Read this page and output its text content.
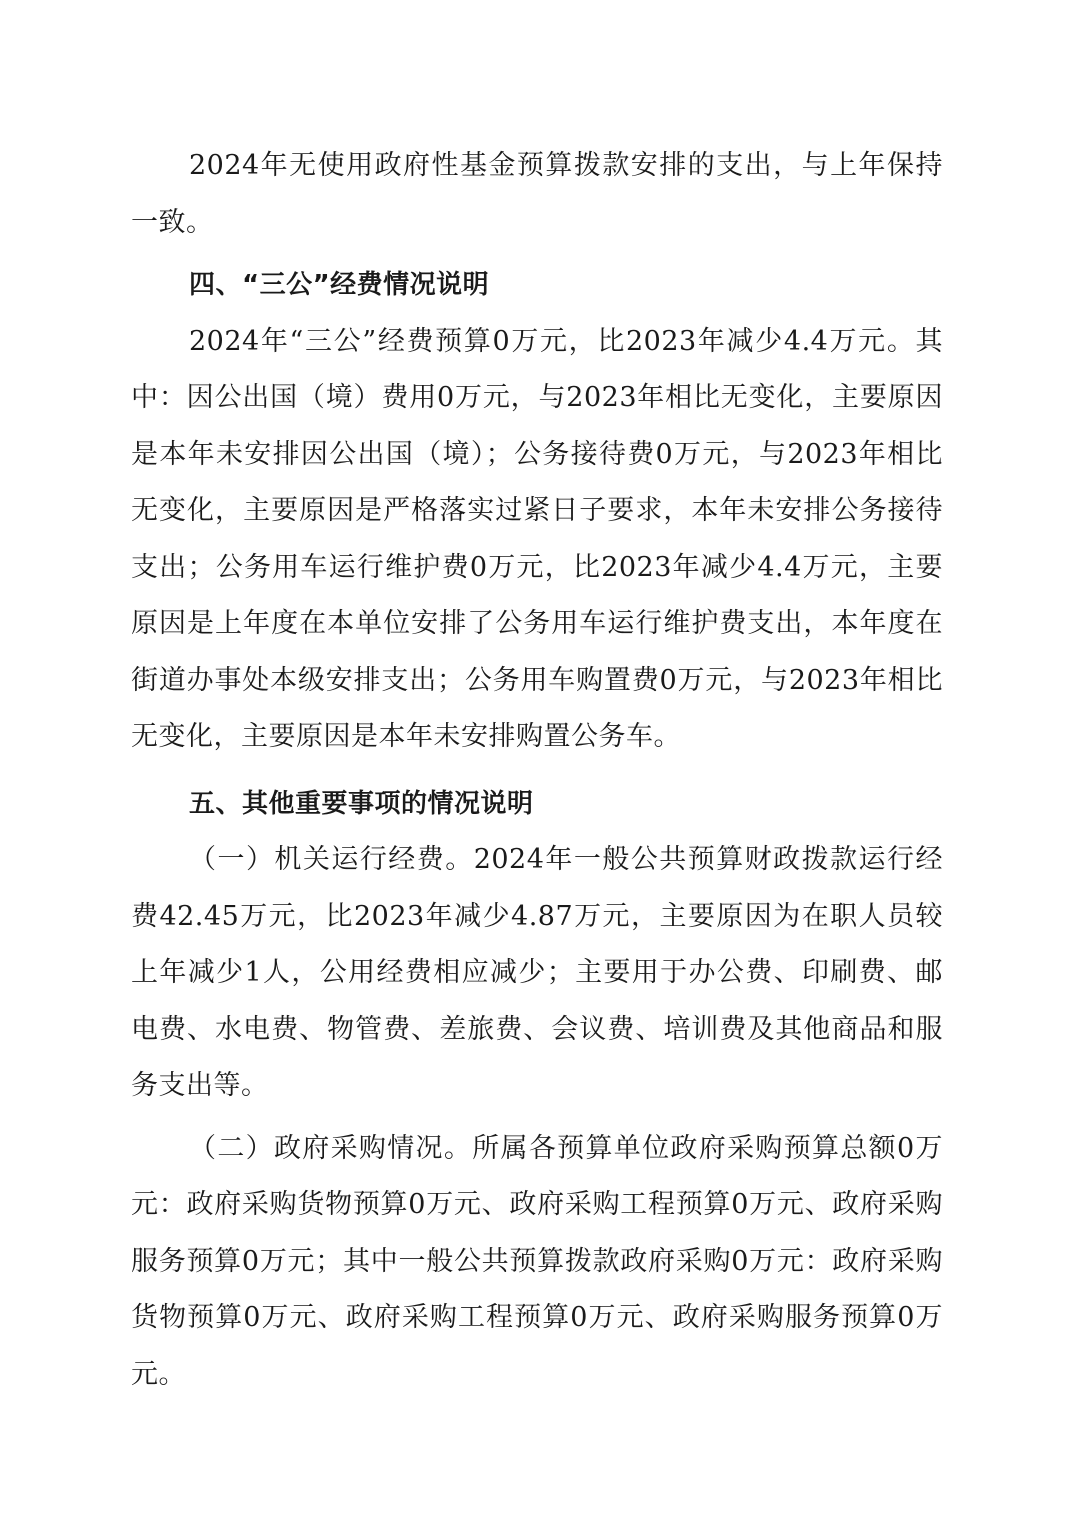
2024年无使用政府性基金预算拨款安排的支出，与上年保持一致。

四、“三公”经费情况说明

2024年“三公”经费预算0万元，比2023年减少4.4万元。其中：因公出国（境）费用0万元，与2023年相比无变化，主要原因是本年未安排因公出国（境）；公务接待费0万元，与2023年相比无变化，主要原因是严格落实过紧日子要求，本年未安排公务接待支出；公务用车运行维护费0万元，比2023年减少4.4万元，主要原因是上年度在本单位安排了公务用车运行维护费支出，本年度在街道办事处本级安排支出；公务用车购置费0万元，与2023年相比无变化，主要原因是本年未安排购置公务车。

五、其他重要事项的情况说明

（一）机关运行经费。2024年一般公共预算财政拨款运行经费42.45万元，比2023年减少4.87万元，主要原因为在职人员较上年减少1人，公用经费相应减少；主要用于办公费、印刷费、邮电费、水电费、物管费、差旅费、会议费、培训费及其他商品和服务支出等。

（二）政府采购情况。所属各预算单位政府采购预算总额0万元：政府采购货物预算0万元、政府采购工程预算0万元、政府采购服务预算0万元；其中一般公共预算拨款政府采购0万元：政府采购货物预算0万元、政府采购工程预算0万元、政府采购服务预算0万元。
